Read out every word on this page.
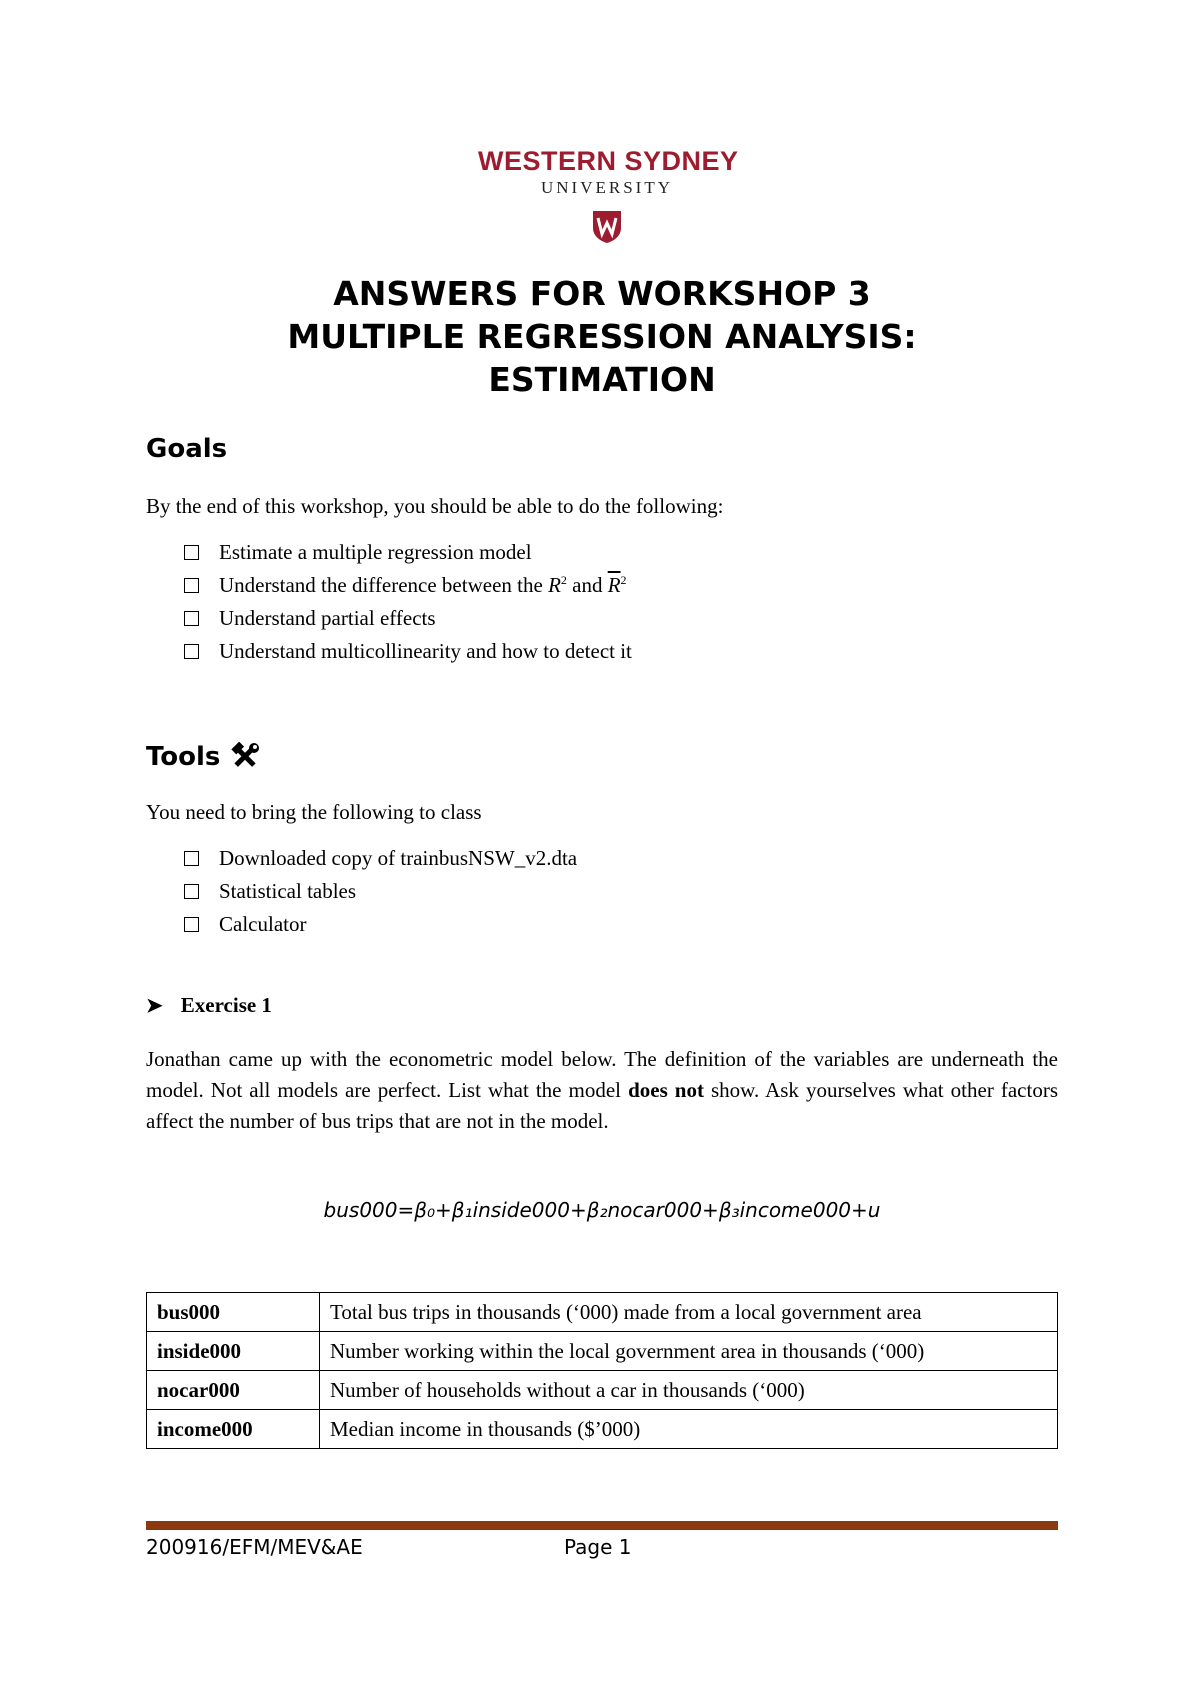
WESTERN SYDNEY
UNIVERSITY
ANSWERS FOR WORKSHOP 3
MULTIPLE REGRESSION ANALYSIS:
ESTIMATION
Goals
By the end of this workshop, you should be able to do the following:
Estimate a multiple regression model
Understand the difference between the
$R^2$
and
$\overline{R}^2$
Understand partial effects
Understand multicollinearity and how to detect it
Tools
You need to bring the following to class
Downloaded copy of trainbusNSW_v2.dta
Statistical tables
Calculator
➤ Exercise 1
Jonathan came up with the econometric model below. The definition of the variables are underneath the model. Not all models are perfect. List what the model does not show. Ask yourselves what other factors affect the number of bus trips that are not in the model.
bus000=β₀+β₁inside000+β₂nocar000+β₃income000+u
bus000	Total bus trips in thousands (‘000) made from a local government area
inside000	Number working within the local government area in thousands (‘000)
nocar000	Number of households without a car in thousands (‘000)
income000	Median income in thousands ($’000)
200916/EFM/MEV&AE	Page 1
